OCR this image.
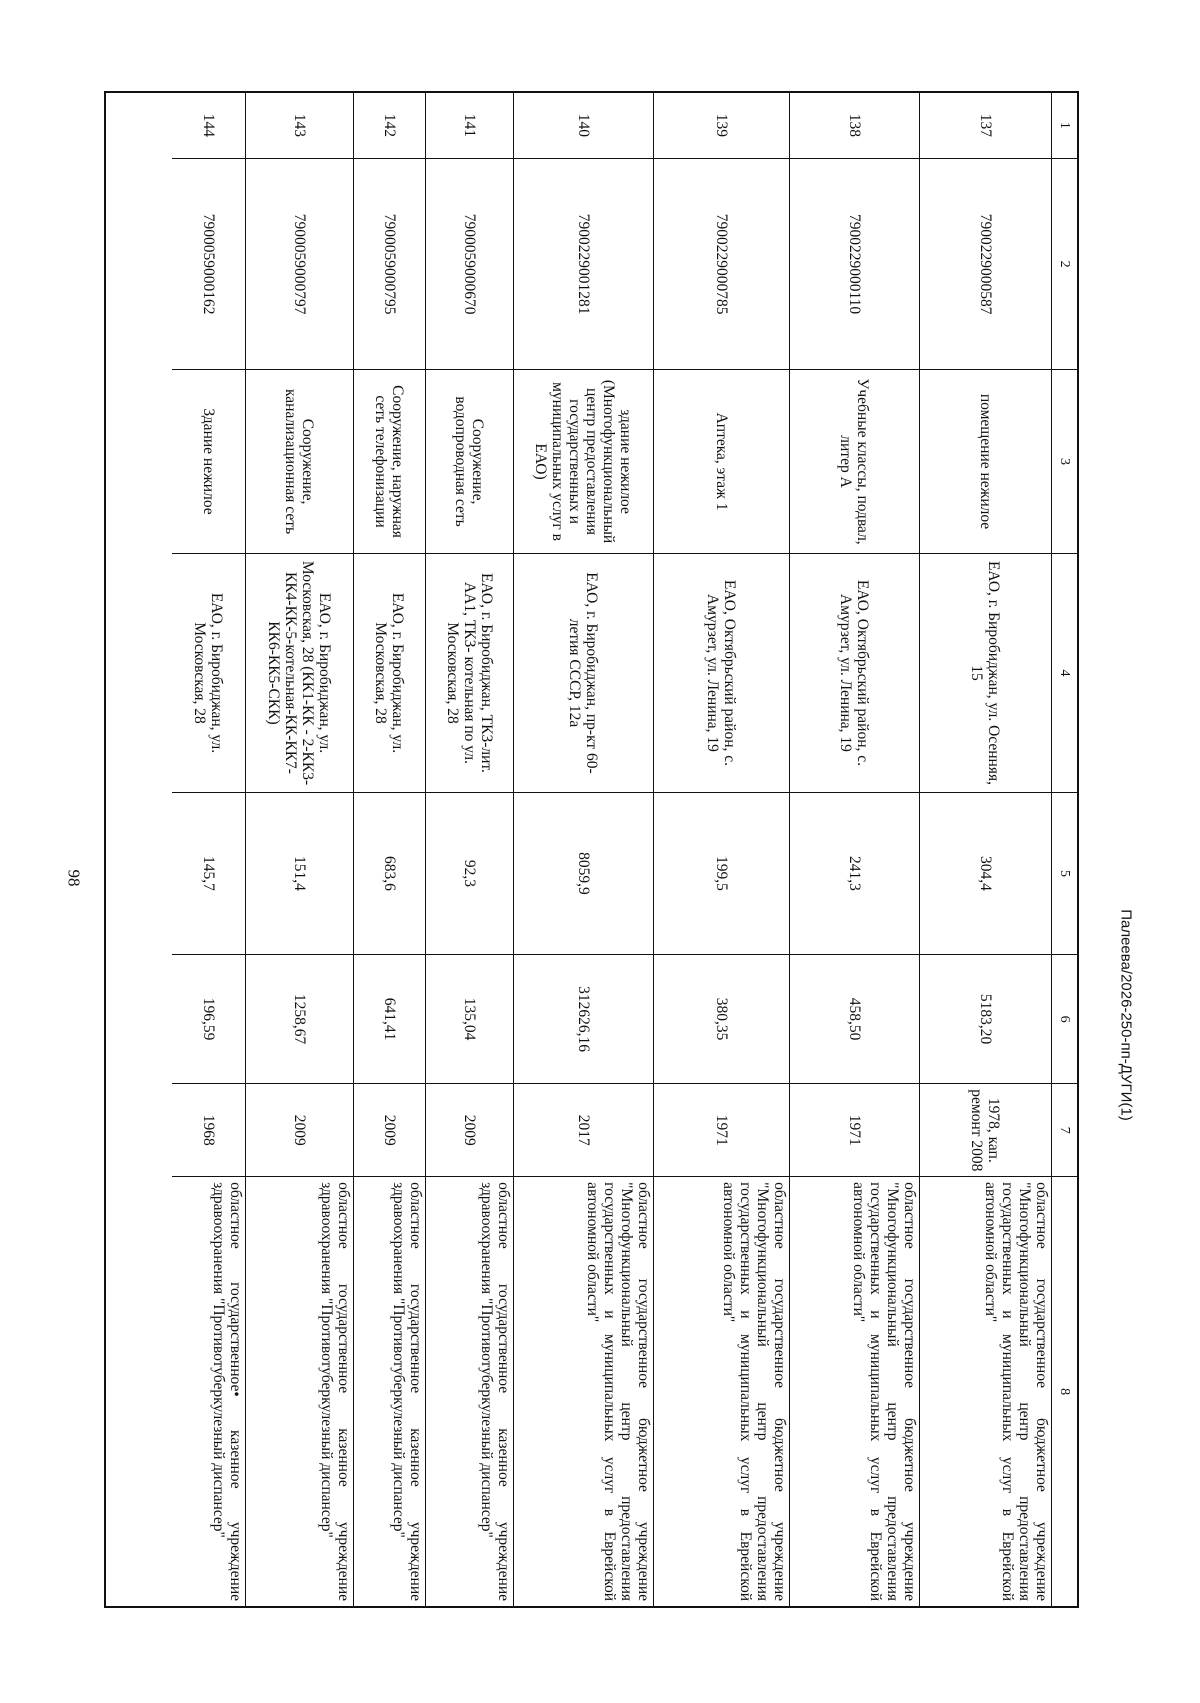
98
1
2
3
4
5
6
7
8
137
7900229000587
помещение нежилое
ЕАО, г. Биробиджан, ул. Осенняя, 15
304,4
5183,20
1978, кап. ремонт 2008
областное государственное бюджетное учреждение "Многофункциональный центр предоставления государственных и муниципальных услуг в Еврейской автономной области"
138
7900229000110
Учебные классы, подвал, литер А
ЕАО, Октябрьский район, с. Амурзет, ул. Ленина, 19
241,3
458,50
1971
областное государственное бюджетное учреждение "Многофункциональный центр предоставления государственных и муниципальных услуг в Еврейской автономной области"
139
7900229000785
Аптека, этаж 1
ЕАО, Октябрьский район, с. Амурзет, ул. Ленина, 19
199,5
380,35
1971
областное государственное бюджетное учреждение "Многофункциональный центр предоставления государственных и муниципальных услуг в Еврейской автономной области"
140
7900229001281
здание нежилое (Многофункциональный центр предоставления государственных и муниципальных услуг в ЕАО)
ЕАО, г. Биробиджан, пр-кт 60-летия СССР, 12а
8059,9
312626,16
2017
областное государственное бюджетное учреждение "Многофункциональный центр предоставления государственных и муниципальных услуг в Еврейской автономной области"
141
7900059000670
Сооружение, водопроводная сеть
ЕАО, г. Биробиджан, ТКЗ-лит. АА1, ТКЗ- котельная по ул. Московская, 28
92,3
135,04
2009
областное государственное казенное учреждение здравоохранения "Противотуберкулезный диспансер"
142
7900059000795
Сооружение, наружная сеть телефонизации
ЕАО, г. Биробиджан, ул. Московская, 28
683,6
641,41
2009
областное государственное казенное учреждение здравоохранения "Противотуберкулезный диспансер"
143
7900059000797
Сооружение, канализационная сеть
ЕАО, г. Биробиджан, ул. Московская, 28 (КК1-КК - 2-КК3-КК4-КК-5-котельная-КК-КК7-КК6-КК5-СКК)
151,4
1258,67
2009
областное государственное казенное учреждение здравоохранения "Противотуберкулезный диспансер"
144
7900059000162
Здание нежилое
ЕАО, г. Биробиджан, ул. Московская, 28
145,7
196,59
1968
областное государственное• казенное учреждение здравоохранения "Противотуберкулезный диспансер"
Палеева/2026-250-пп-ДУГИ(1)
